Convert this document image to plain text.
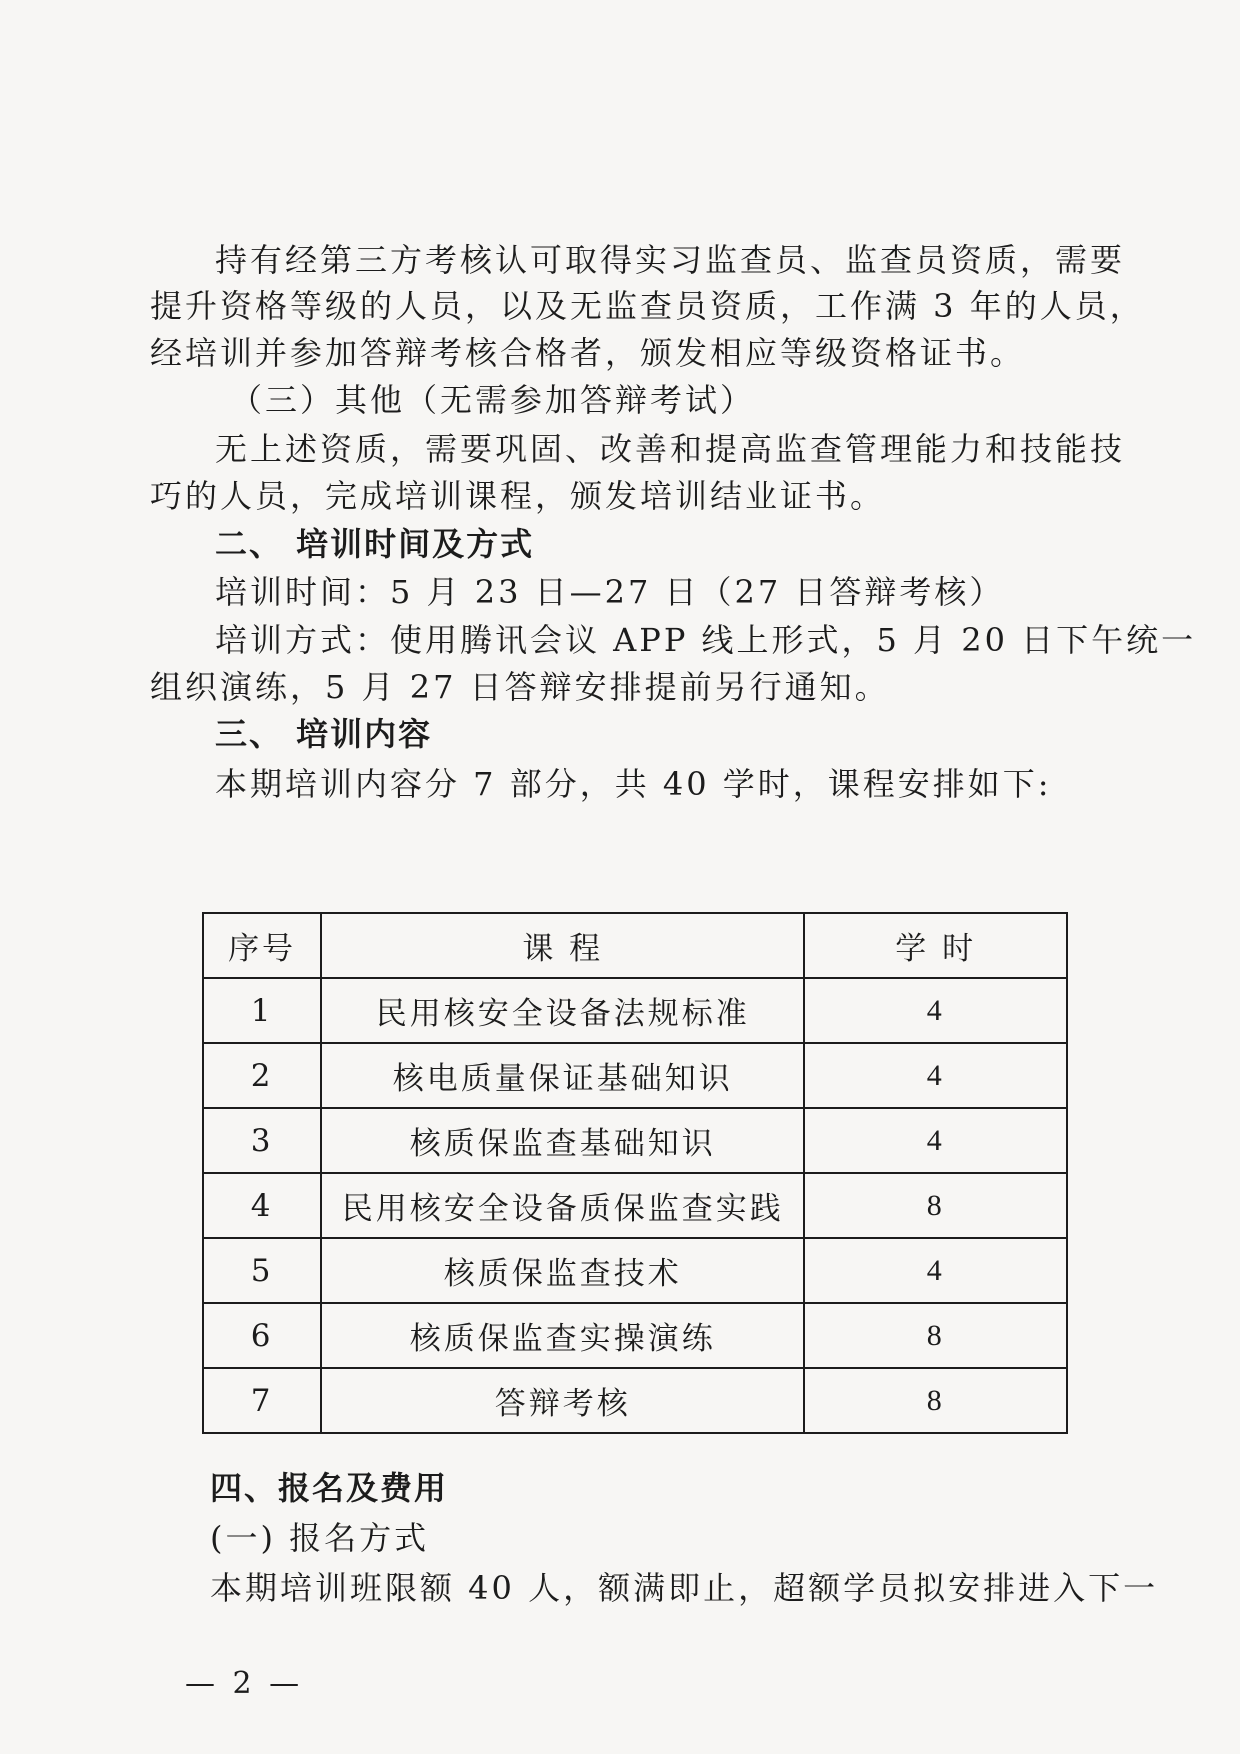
持有经第三方考核认可取得实习监查员、监查员资质，需要
提升资格等级的人员，以及无监查员资质，工作满 3 年的人员，
经培训并参加答辩考核合格者，颁发相应等级资格证书。
（三）其他（无需参加答辩考试）
无上述资质，需要巩固、改善和提高监查管理能力和技能技
巧的人员，完成培训课程，颁发培训结业证书。
二、 培训时间及方式
培训时间：5 月 23 日—27 日（27 日答辩考核）
培训方式：使用腾讯会议 APP 线上形式，5 月 20 日下午统一
组织演练，5 月 27 日答辩安排提前另行通知。
三、 培训内容
本期培训内容分 7 部分，共 40 学时，课程安排如下:
序号	课 程	学 时
1	民用核安全设备法规标准	4
2	核电质量保证基础知识	4
3	核质保监查基础知识	4
4	民用核安全设备质保监查实践	8
5	核质保监查技术	4
6	核质保监查实操演练	8
7	答辩考核	8
四、报名及费用
(一) 报名方式
本期培训班限额 40 人，额满即止，超额学员拟安排进入下一
— 2 —
